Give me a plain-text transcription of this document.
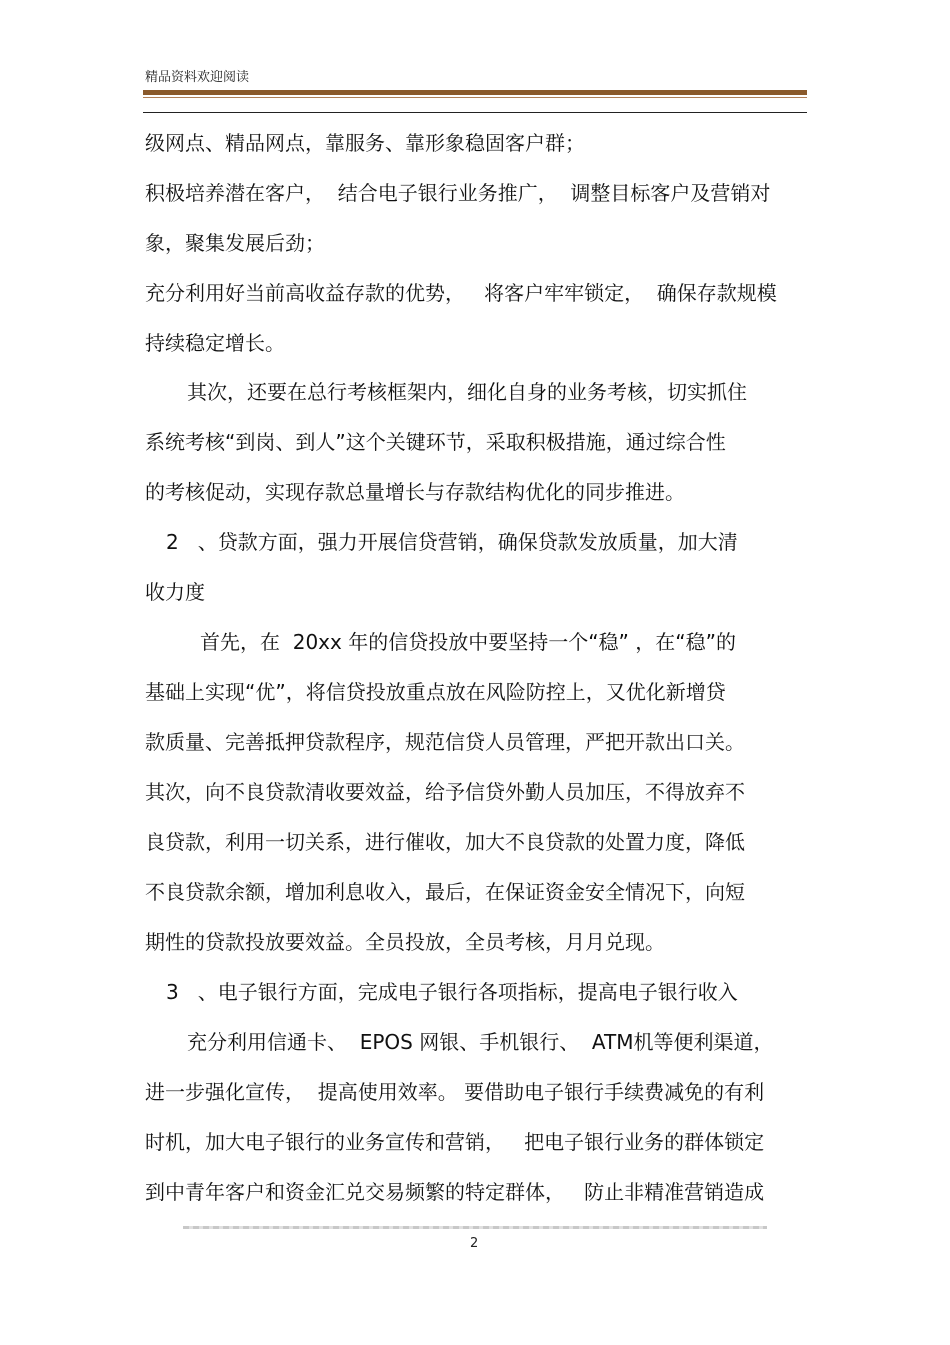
精品资料欢迎阅读
级网点、精品网点，靠服务、靠形象稳固客户群；
积极培养潜在客户，  结合电子银行业务推广，  调整目标客户及营销对
象，聚集发展后劲；
充分利用好当前高收益存款的优势，   将客户牢牢锁定，  确保存款规模
持续稳定增长。
其次，还要在总行考核框架内，细化自身的业务考核，切实抓住
系统考核“到岗、到人”这个关键环节，采取积极措施，通过综合性
的考核促动，实现存款总量增长与存款结构优化的同步推进。
2   、贷款方面，强力开展信贷营销，确保贷款发放质量，加大清
收力度
首先，在  20xx 年的信贷投放中要坚持一个“稳” ，在“稳”的
基础上实现“优”，将信贷投放重点放在风险防控上，又优化新增贷
款质量、完善抵押贷款程序，规范信贷人员管理，严把开款出口关。
其次，向不良贷款清收要效益，给予信贷外勤人员加压，不得放弃不
良贷款，利用一切关系，进行催收，加大不良贷款的处置力度，降低
不良贷款余额，增加利息收入，最后，在保证资金安全情况下，向短
期性的贷款投放要效益。全员投放，全员考核，月月兑现。
3   、电子银行方面，完成电子银行各项指标，提高电子银行收入
充分利用信通卡、  EPOS 网银、手机银行、  ATM机等便利渠道，
进一步强化宣传，  提高使用效率。 要借助电子银行手续费减免的有利
时机，加大电子银行的业务宣传和营销，   把电子银行业务的群体锁定
到中青年客户和资金汇兑交易频繁的特定群体，   防止非精准营销造成
2
